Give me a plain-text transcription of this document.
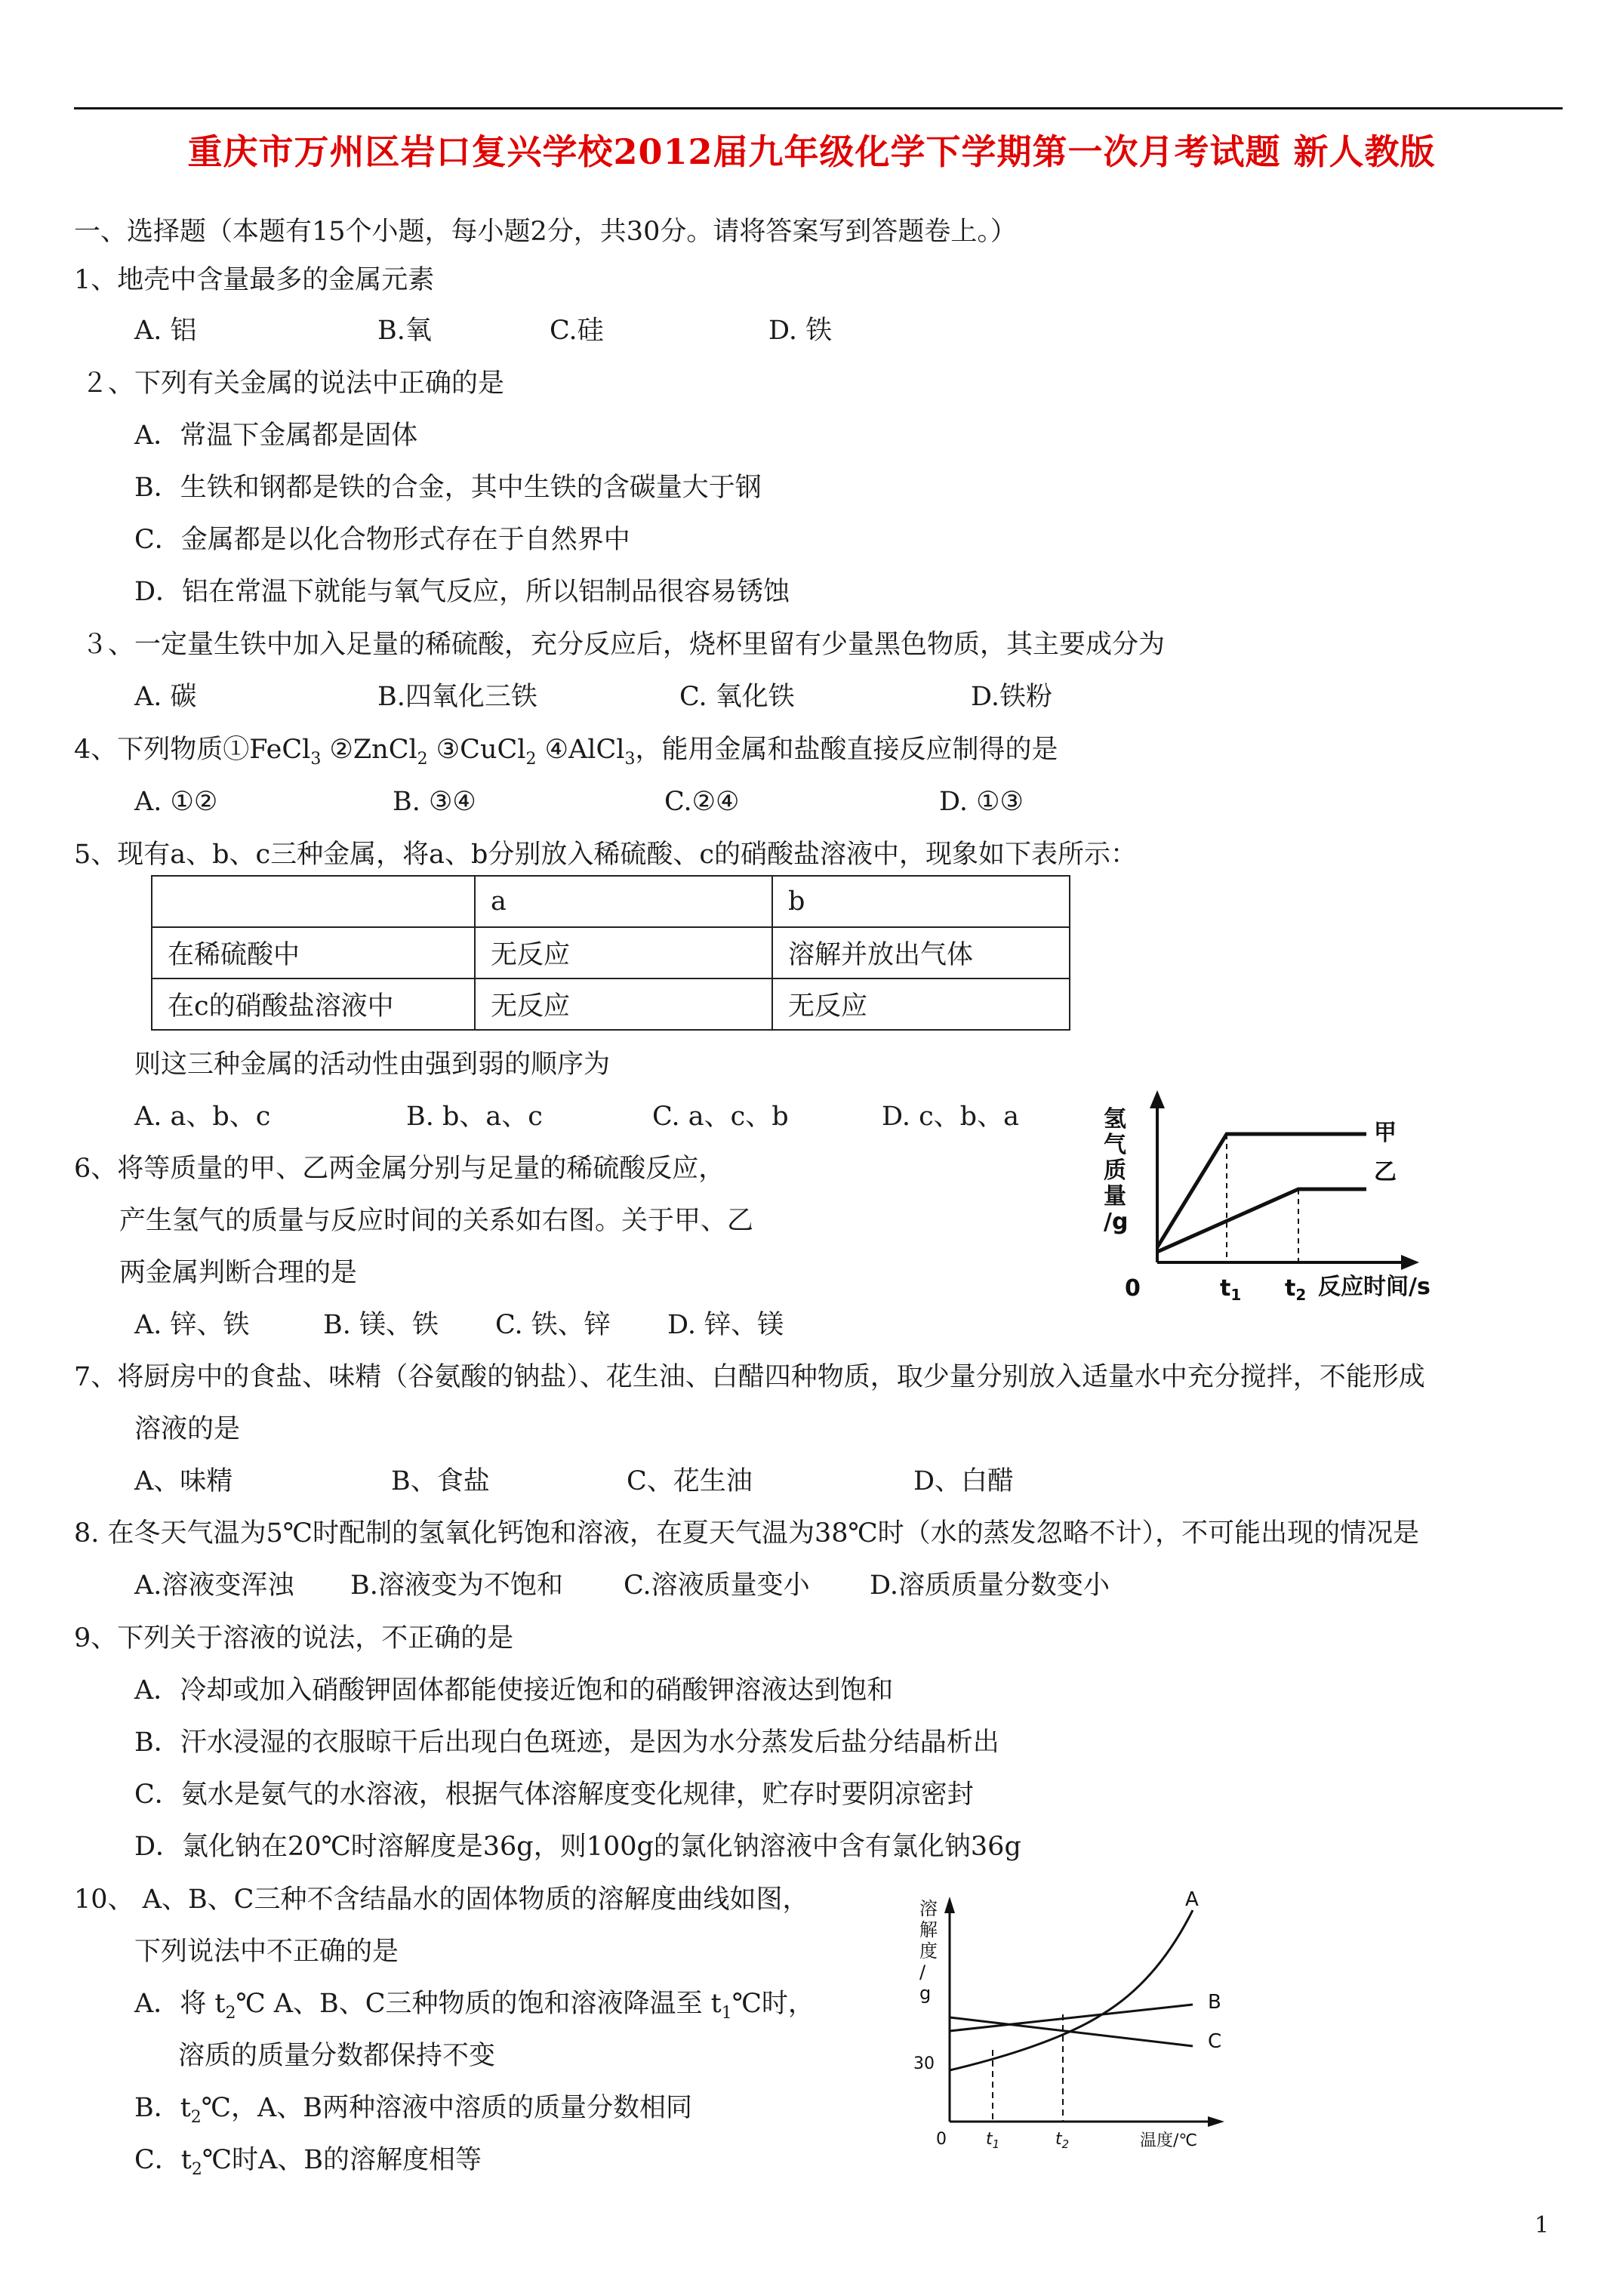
重庆市万州区岩口复兴学校2012届九年级化学下学期第一次月考试题 新人教版
一、选择题（本题有15个小题，每小题2分，共30分。请将答案写到答题卷上。）
1、地壳中含量最多的金属元素
A. 铝	B.氧	C.硅	D. 铁
２、下列有关金属的说法中正确的是
A．常温下金属都是固体
B．生铁和钢都是铁的合金，其中生铁的含碳量大于钢
C．金属都是以化合物形式存在于自然界中
D．铝在常温下就能与氧气反应，所以铝制品很容易锈蚀
３、一定量生铁中加入足量的稀硫酸，充分反应后，烧杯里留有少量黑色物质，其主要成分为
A. 碳	B.四氧化三铁	C. 氧化铁	D.铁粉
4、下列物质①FeCl$_3$ ②ZnCl$_2$ ③CuCl$_2$ ④AlCl$_3$，能用金属和盐酸直接反应制得的是
A. ①②	B. ③④	C.②④	D. ①③
5、现有a、b、c三种金属，将a、b分别放入稀硫酸、c的硝酸盐溶液中，现象如下表所示：
	a	b
在稀硫酸中	无反应	溶解并放出气体
在c的硝酸盐溶液中	无反应	无反应
则这三种金属的活动性由强到弱的顺序为
A. a、b、c	B. b、a、c	C. a、c、b	D. c、b、a
6、将等质量的甲、乙两金属分别与足量的稀硫酸反应，
产生氢气的质量与反应时间的关系如右图。关于甲、乙
两金属判断合理的是
A. 锌、铁	B. 镁、铁 C. 铁、锌 D. 锌、镁
氢
气
质
量
/g
甲
乙
0	$t_1$ $t_2$ 反应时间/s
7、将厨房中的食盐、味精（谷氨酸的钠盐）、花生油、白醋四种物质，取少量分别放入适量水中充分搅拌，不能形成
溶液的是
A、味精	B、食盐	C、花生油	D、白醋
8. 在冬天气温为5℃时配制的氢氧化钙饱和溶液，在夏天气温为38℃时（水的蒸发忽略不计），不可能出现的情况是
A.溶液变浑浊 B.溶液变为不饱和 C.溶液质量变小 D.溶质质量分数变小
9、下列关于溶液的说法，不正确的是
A．冷却或加入硝酸钾固体都能使接近饱和的硝酸钾溶液达到饱和
B．汗水浸湿的衣服晾干后出现白色斑迹，是因为水分蒸发后盐分结晶析出
C．氨水是氨气的水溶液，根据气体溶解度变化规律，贮存时要阴凉密封
D．氯化钠在20℃时溶解度是36g，则100g的氯化钠溶液中含有氯化钠36g
10、 A、B、C三种不含结晶水的固体物质的溶解度曲线如图，
下列说法中不正确的是
A．将 $t_2℃$ A、B、C三种物质的饱和溶液降温至 $t_1℃$时，
溶质的质量分数都保持不变
B．$t_2℃$，A、B两种溶液中溶质的质量分数相同
C．$t_2℃$时A、B的溶解度相等
溶
解
度
/
g
A
B
C
30
0 $t_1$	$t_2$	温度/℃
1
